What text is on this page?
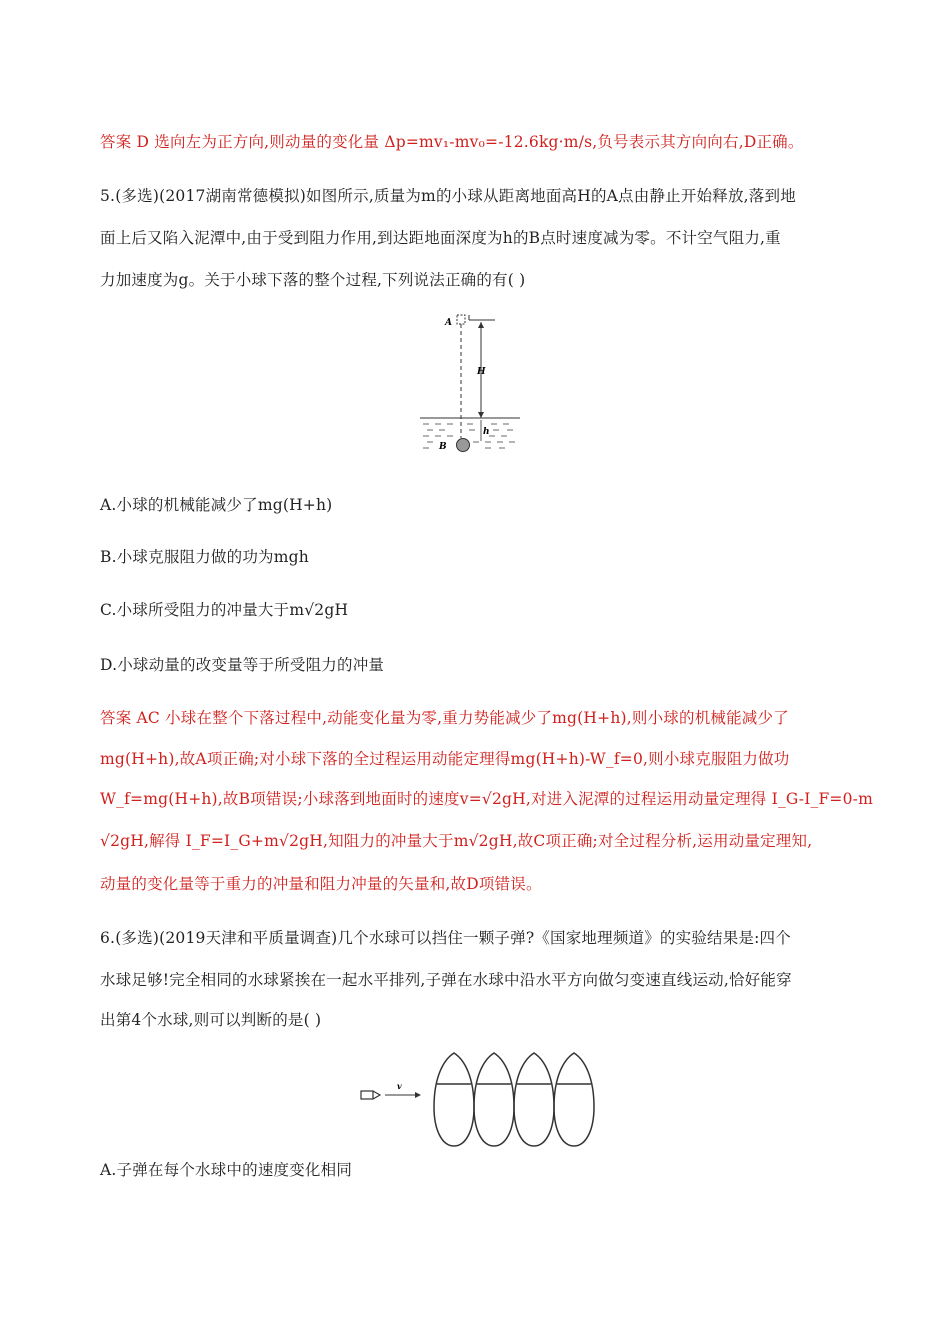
答案 D 选向左为正方向,则动量的变化量 Δp=mv₁-mv₀=-12.6kg·m/s,负号表示其方向向右,D正确。
5.(多选)(2017湖南常德模拟)如图所示,质量为m的小球从距离地面高H的A点由静止开始释放,落到地
面上后又陷入泥潭中,由于受到阻力作用,到达距地面深度为h的B点时速度减为零。不计空气阻力,重
力加速度为g。关于小球下落的整个过程,下列说法正确的有( )
A
H
h
B
A.小球的机械能减少了mg(H+h)
B.小球克服阻力做的功为mgh
C.小球所受阻力的冲量大于m√2gH
D.小球动量的改变量等于所受阻力的冲量
答案 AC 小球在整个下落过程中,动能变化量为零,重力势能减少了mg(H+h),则小球的机械能减少了
mg(H+h),故A项正确;对小球下落的全过程运用动能定理得mg(H+h)-W_f=0,则小球克服阻力做功
W_f=mg(H+h),故B项错误;小球落到地面时的速度v=√2gH,对进入泥潭的过程运用动量定理得 I_G-I_F=0-m
√2gH,解得 I_F=I_G+m√2gH,知阻力的冲量大于m√2gH,故C项正确;对全过程分析,运用动量定理知,
动量的变化量等于重力的冲量和阻力冲量的矢量和,故D项错误。
6.(多选)(2019天津和平质量调查)几个水球可以挡住一颗子弹?《国家地理频道》的实验结果是:四个
水球足够!完全相同的水球紧挨在一起水平排列,子弹在水球中沿水平方向做匀变速直线运动,恰好能穿
出第4个水球,则可以判断的是( )
v
A.子弹在每个水球中的速度变化相同
